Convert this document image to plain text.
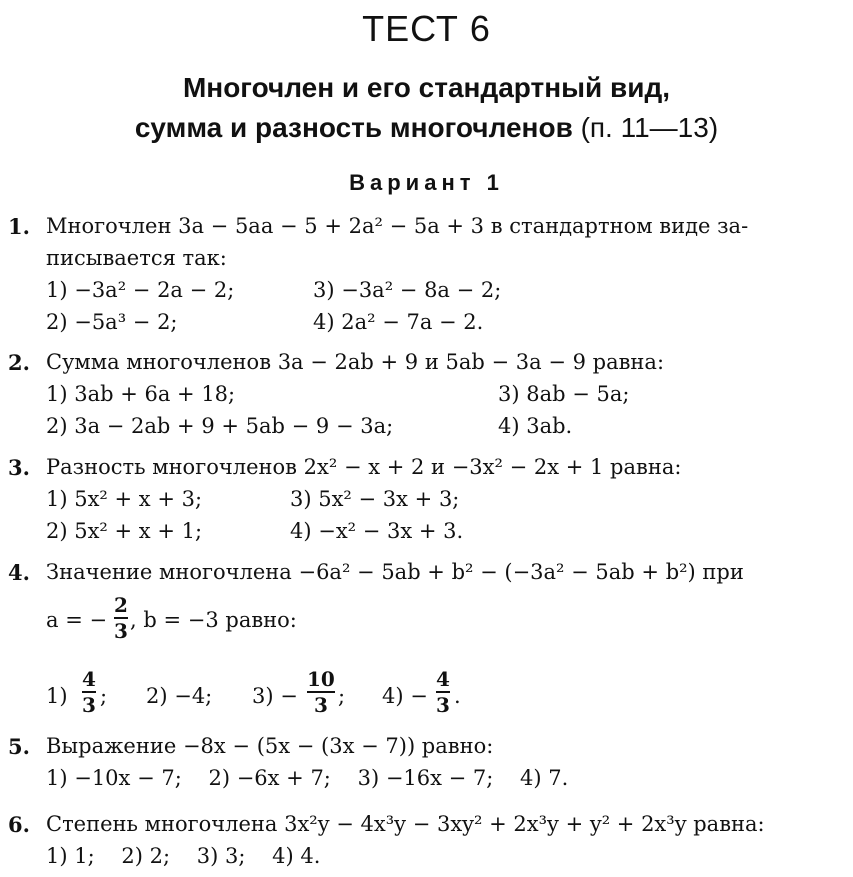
ТЕСТ 6
Многочлен и его стандартный вид,
сумма и разность многочленов (п. 11—13)
Вариант 1
1. Многочлен 3a − 5aa − 5 + 2a² − 5a + 3 в стандартном виде за-
писывается так:
1) −3a² − 2a − 2;	3) −3a² − 8a − 2;
2) −5a³ − 2;	4) 2a² − 7a − 2.
2. Сумма многочленов 3a − 2ab + 9 и 5ab − 3a − 9 равна:
1) 3ab + 6a + 18;	3) 8ab − 5a;
2) 3a − 2ab + 9 + 5ab − 9 − 3a;	4) 3ab.
3. Разность многочленов 2x² − x + 2 и −3x² − 2x + 1 равна:
1) 5x² + x + 3;	3) 5x² − 3x + 3;
2) 5x² + x + 1;	4) −x² − 3x + 3.
4. Значение многочлена −6a² − 5ab + b² − (−3a² − 5ab + b²) при
a = −
2
3 , b = −3 равно:
1)
4
3 ; 2) −4; 3) −
10
3 ; 4) −
4
3 .
5. Выражение −8x − (5x − (3x − 7)) равно:
1) −10x − 7;    2) −6x + 7;    3) −16x − 7;    4) 7.
6. Степень многочлена 3x²y − 4x³y − 3xy² + 2x³y + y² + 2x³y равна:
1) 1;    2) 2;    3) 3;    4) 4.
